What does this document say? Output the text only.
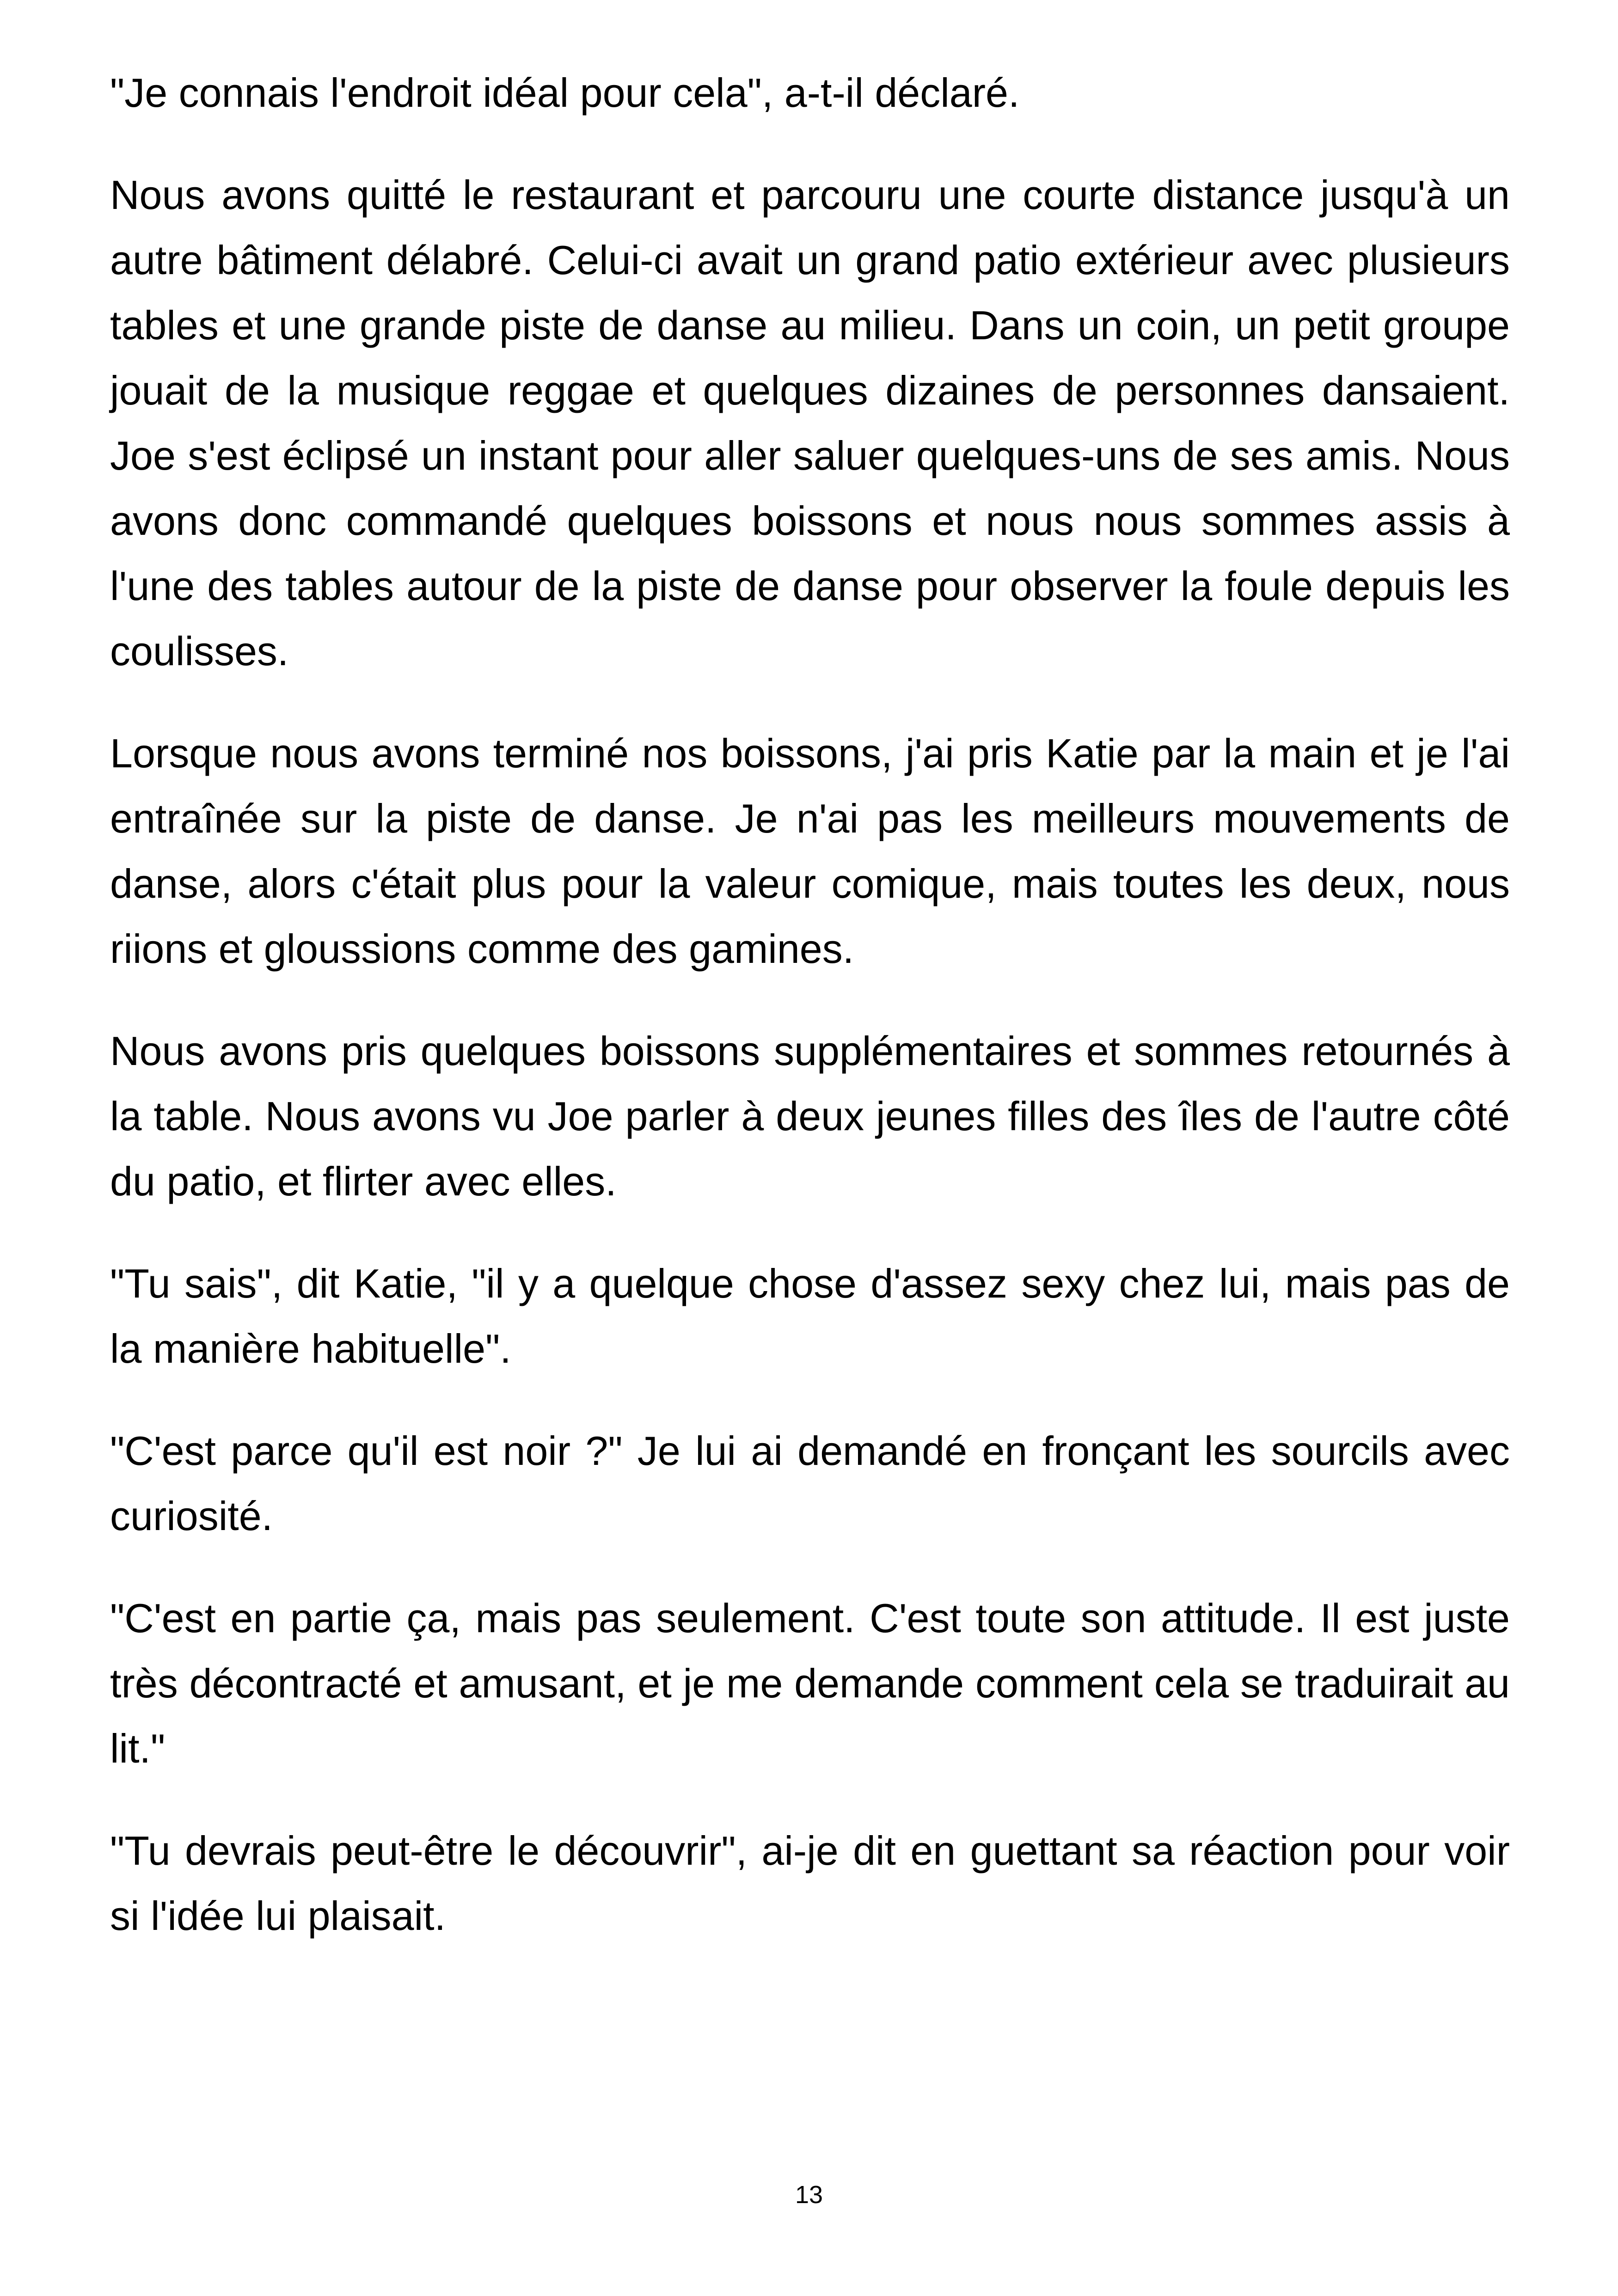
"Je connais l'endroit idéal pour cela", a-t-il déclaré.

Nous avons quitté le restaurant et parcouru une courte distance jusqu'à un autre bâtiment délabré. Celui-ci avait un grand patio extérieur avec plusieurs tables et une grande piste de danse au milieu. Dans un coin, un petit groupe jouait de la musique reggae et quelques dizaines de personnes dansaient. Joe s'est éclipsé un instant pour aller saluer quelques-uns de ses amis. Nous avons donc commandé quelques boissons et nous nous sommes assis à l'une des tables autour de la piste de danse pour observer la foule depuis les coulisses.

Lorsque nous avons terminé nos boissons, j'ai pris Katie par la main et je l'ai entraînée sur la piste de danse. Je n'ai pas les meilleurs mouvements de danse, alors c'était plus pour la valeur comique, mais toutes les deux, nous riions et gloussions comme des gamines.

Nous avons pris quelques boissons supplémentaires et sommes retournés à la table. Nous avons vu Joe parler à deux jeunes filles des îles de l'autre côté du patio, et flirter avec elles.

"Tu sais", dit Katie, "il y a quelque chose d'assez sexy chez lui, mais pas de la manière habituelle".

"C'est parce qu'il est noir ?" Je lui ai demandé en fronçant les sourcils avec curiosité.

"C'est en partie ça, mais pas seulement. C'est toute son attitude. Il est juste très décontracté et amusant, et je me demande comment cela se traduirait au lit."

"Tu devrais peut-être le découvrir", ai-je dit en guettant sa réaction pour voir si l'idée lui plaisait.

13
